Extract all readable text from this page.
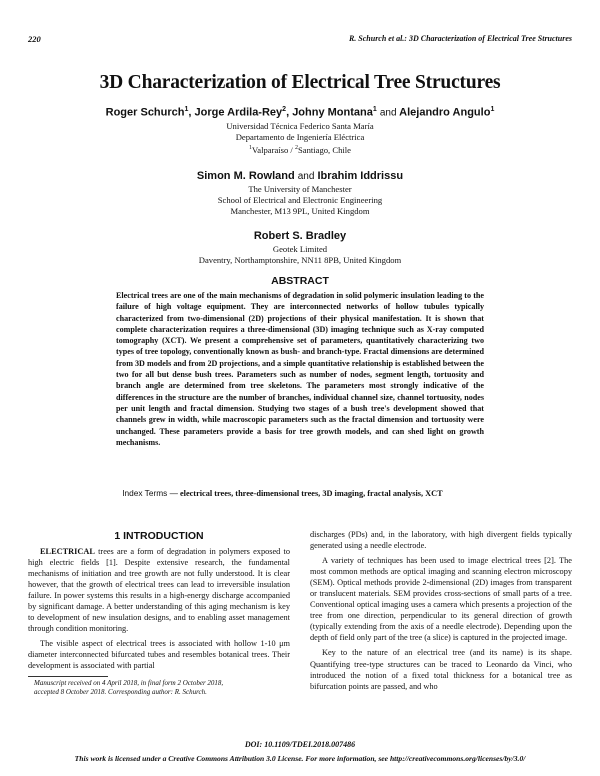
220	R. Schurch et al.: 3D Characterization of Electrical Tree Structures
3D Characterization of Electrical Tree Structures
Roger Schurch$^1$, Jorge Ardila-Rey$^2$, Johny Montana$^1$ and Alejandro Angulo$^1$
Universidad Técnica Federico Santa María
Departamento de Ingeniería Eléctrica
$^1$Valparaíso / $^2$Santiago, Chile
Simon M. Rowland and Ibrahim Iddrissu
The University of Manchester
School of Electrical and Electronic Engineering
Manchester, M13 9PL, United Kingdom
Robert S. Bradley
Geotek Limited
Daventry, Northamptonshire, NN11 8PB, United Kingdom
ABSTRACT
Electrical trees are one of the main mechanisms of degradation in solid polymeric insulation leading to the failure of high voltage equipment. They are interconnected networks of hollow tubules typically characterized from two-dimensional (2D) projections of their physical manifestation. It is shown that complete characterization requires a three-dimensional (3D) imaging technique such as X-ray computed tomography (XCT). We present a comprehensive set of parameters, quantitatively characterizing two types of tree topology, conventionally known as bush- and branch-type. Fractal dimensions are determined from 3D models and from 2D projections, and a simple quantitative relationship is established between the two for all but dense bush trees. Parameters such as number of nodes, segment length, tortuosity and branch angle are determined from tree skeletons. The parameters most strongly indicative of the differences in the structure are the number of branches, individual channel size, channel tortuosity, nodes per unit length and fractal dimension. Studying two stages of a bush tree's development showed that channels grew in width, while macroscopic parameters such as the fractal dimension and tortuosity were unchanged. These parameters provide a basis for tree growth models, and can shed light on growth mechanisms.
Index Terms — electrical trees, three-dimensional trees, 3D imaging, fractal analysis, XCT
1 INTRODUCTION

ELECTRICAL trees are a form of degradation in polymers exposed to high electric fields [1]. Despite extensive research, the fundamental mechanisms of initiation and tree growth are not fully understood. It is clear however, that the growth of electrical trees can lead to irreversible insulation failure. In power systems this results in a high-energy discharge accompanied by significant damage. A better understanding of this aging mechanism is key to development of new insulation designs, and to enabling asset management through condition monitoring.

The visible aspect of electrical trees is associated with hollow 1-10 μm diameter interconnected bifurcated tubes and resembles botanical trees. Their development is associated with partial

Manuscript received on 4 April 2018, in final form 2 October 2018,
accepted 8 October 2018. Corresponding author: R. Schurch.

discharges (PDs) and, in the laboratory, with high divergent fields typically generated using a needle electrode.

A variety of techniques has been used to image electrical trees [2]. The most common methods are optical imaging and scanning electron microscopy (SEM). Optical methods provide 2-dimensional (2D) images from transparent or translucent materials. SEM provides cross-sections of small parts of a tree. Conventional optical imaging uses a camera which presents a projection of the tree from one direction, perpendicular to its general direction of growth (typically extending from the axis of a needle electrode). Depending upon the depth of field only part of the tree (a slice) is captured in the projected image.

Key to the nature of an electrical tree (and its name) is its shape. Quantifying tree-type structures can be traced to Leonardo da Vinci, who introduced the notion of a fixed total thickness for a botanical tree as bifurcation points are passed, and who

DOI: 10.1109/TDEI.2018.007486
This work is licensed under a Creative Commons Attribution 3.0 License. For more information, see http://creativecommons.org/licenses/by/3.0/
